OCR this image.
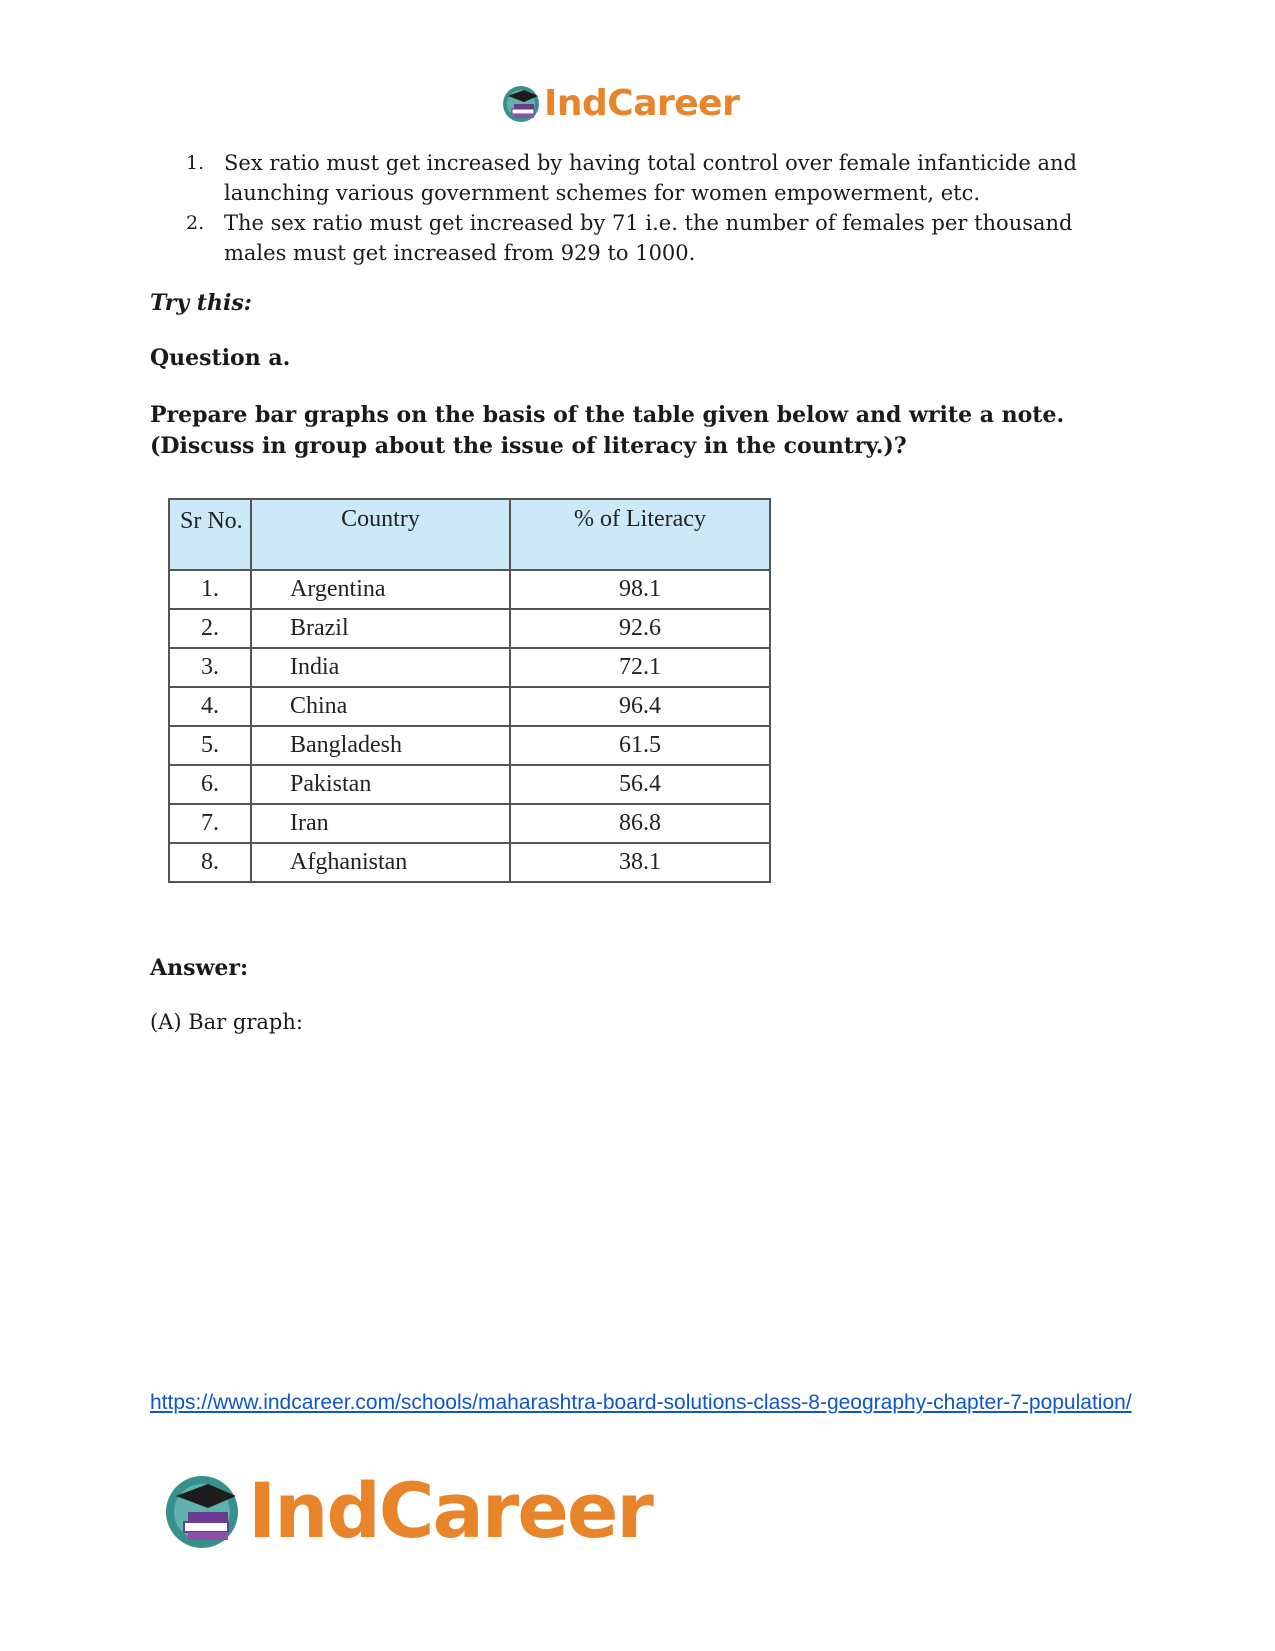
IndCareer
1. Sex ratio must get increased by having total control over female infanticide and launching various government schemes for women empowerment, etc.
2. The sex ratio must get increased by 71 i.e. the number of females per thousand males must get increased from 929 to 1000.
Try this:
Question a.
Prepare bar graphs on the basis of the table given below and write a note. (Discuss in group about the issue of literacy in the country.)?
Sr No.	Country	% of Literacy
1.	Argentina	98.1
2.	Brazil	92.6
3.	India	72.1
4.	China	96.4
5.	Bangladesh	61.5
6.	Pakistan	56.4
7.	Iran	86.8
8.	Afghanistan	38.1
Answer:
(A) Bar graph:
https://www.indcareer.com/schools/maharashtra-board-solutions-class-8-geography-chapter-7-population/
IndCareer
